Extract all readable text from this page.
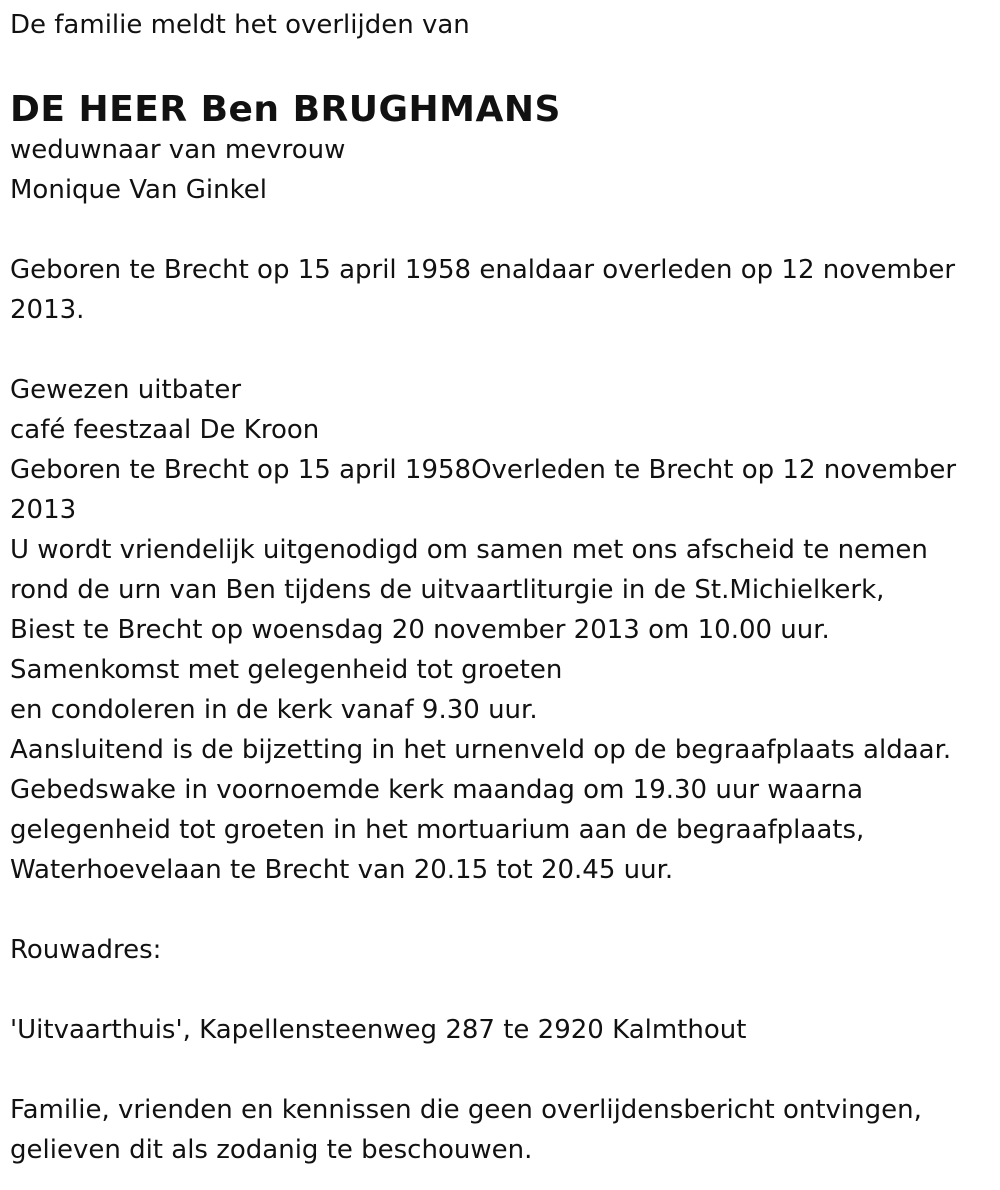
De familie meldt het overlijden van
DE HEER Ben BRUGHMANS
weduwnaar van mevrouw
Monique Van Ginkel
Geboren te Brecht op 15 april 1958 enaldaar overleden op 12 november
2013.
Gewezen uitbater
café feestzaal De Kroon
Geboren te Brecht op 15 april 1958Overleden te Brecht op 12 november
2013
U wordt vriendelijk uitgenodigd om samen met ons afscheid te nemen
rond de urn van Ben tijdens de uitvaartliturgie in de St.Michielkerk,
Biest te Brecht op woensdag 20 november 2013 om 10.00 uur.
Samenkomst met gelegenheid tot groeten
en condoleren in de kerk vanaf 9.30 uur.
Aansluitend is de bijzetting in het urnenveld op de begraafplaats aldaar.
Gebedswake in voornoemde kerk maandag om 19.30 uur waarna
gelegenheid tot groeten in het mortuarium aan de begraafplaats,
Waterhoevelaan te Brecht van 20.15 tot 20.45 uur.
Rouwadres:
'Uitvaarthuis', Kapellensteenweg 287 te 2920 Kalmthout
Familie, vrienden en kennissen die geen overlijdensbericht ontvingen,
gelieven dit als zodanig te beschouwen.
